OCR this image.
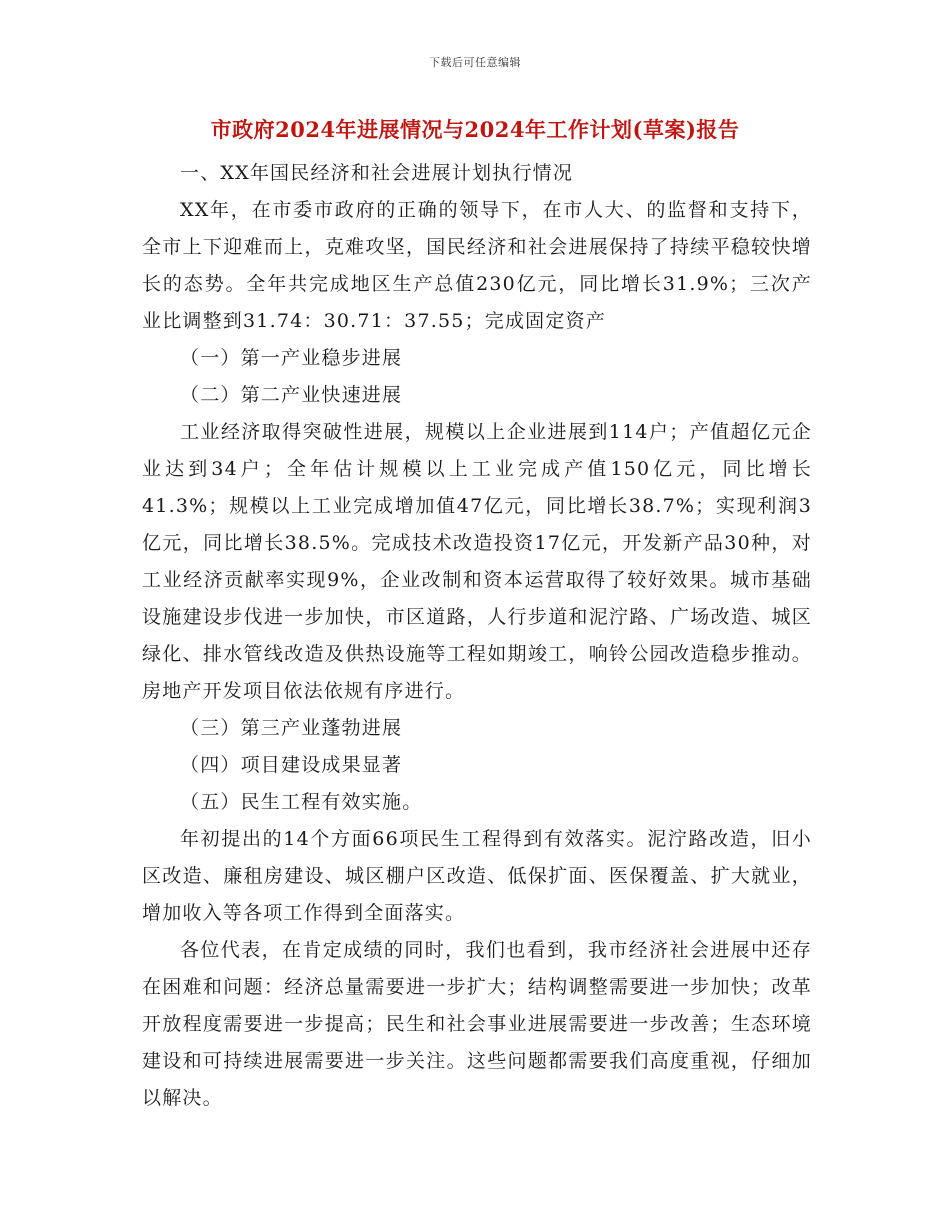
下载后可任意编辑
市政府2024年进展情况与2024年工作计划(草案)报告

一、XX年国民经济和社会进展计划执行情况

XX年，在市委市政府的正确的领导下，在市人大、的监督和支持下，全市上下迎难而上，克难攻坚，国民经济和社会进展保持了持续平稳较快增长的态势。全年共完成地区生产总值230亿元，同比增长31.9%；三次产业比调整到31.74：30.71：37.55；完成固定资产

（一）第一产业稳步进展

（二）第二产业快速进展

工业经济取得突破性进展，规模以上企业进展到114户；产值超亿元企业达到34户；全年估计规模以上工业完成产值150亿元，同比增长41.3%；规模以上工业完成增加值47亿元，同比增长38.7%；实现利润3亿元，同比增长38.5%。完成技术改造投资17亿元，开发新产品30种，对工业经济贡献率实现9%，企业改制和资本运营取得了较好效果。城市基础设施建设步伐进一步加快，市区道路，人行步道和泥泞路、广场改造、城区绿化、排水管线改造及供热设施等工程如期竣工，响铃公园改造稳步推动。房地产开发项目依法依规有序进行。

（三）第三产业蓬勃进展

（四）项目建设成果显著

（五）民生工程有效实施。

年初提出的14个方面66项民生工程得到有效落实。泥泞路改造，旧小区改造、廉租房建设、城区棚户区改造、低保扩面、医保覆盖、扩大就业，增加收入等各项工作得到全面落实。

各位代表，在肯定成绩的同时，我们也看到，我市经济社会进展中还存在困难和问题：经济总量需要进一步扩大；结构调整需要进一步加快；改革开放程度需要进一步提高；民生和社会事业进展需要进一步改善；生态环境建设和可持续进展需要进一步关注。这些问题都需要我们高度重视，仔细加以解决。
